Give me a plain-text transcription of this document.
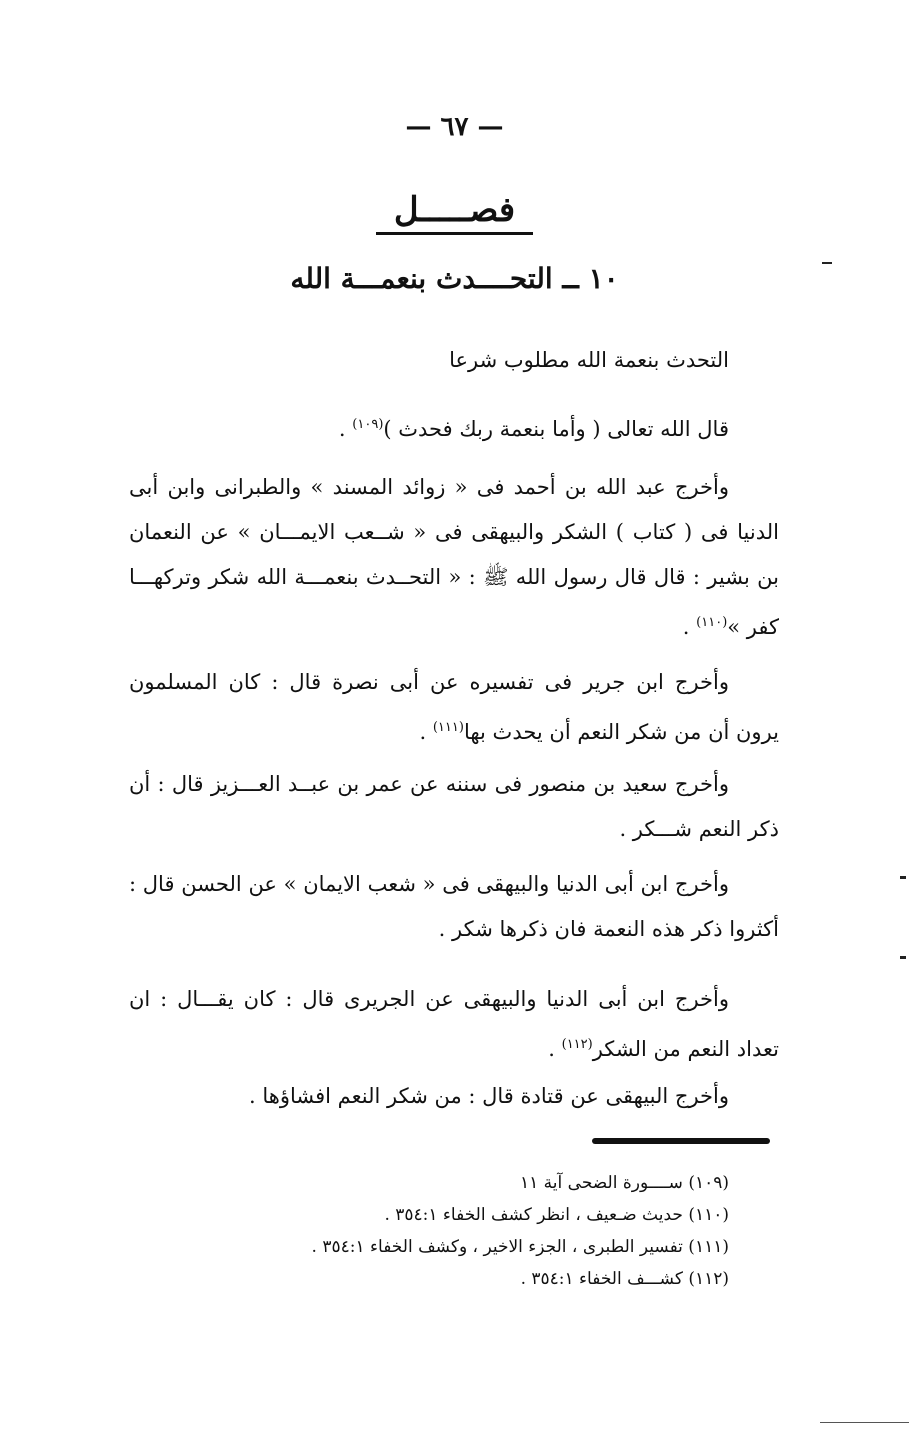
— ٦٧ —
فصـــــل
١٠ ــ التحــــدث بنعمـــة الله
التحدث بنعمة الله مطلوب شرعا
قال الله تعالى ( وأما بنعمة ربك فحدث )$^{(١٠٩)}$ .
وأخرج عبد الله بن أحمد فى « زوائد المسند » والطبرانى وابن أبى الدنيا فى ( كتاب ) الشكر والبيهقى فى « شــعب الايمـــان » عن النعمان بن بشير : قال قال رسول الله ﷺ : « التحــدث بنعمـــة الله شكر وتركهـــا كفر »$^{(١١٠)}$ .
وأخرج ابن جرير فى تفسيره عن أبى نصرة قال : كان المسلمون يرون أن من شكر النعم أن يحدث بها$^{(١١١)}$ .
وأخرج سعيد بن منصور فى سننه عن عمر بن عبــد العـــزيز قال : أن ذكر النعم شـــكر .
وأخرج ابن أبى الدنيا والبيهقى فى « شعب الايمان » عن الحسن قال : أكثروا ذكر هذه النعمة فان ذكرها شكر .
وأخرج ابن أبى الدنيا والبيهقى عن الجريرى قال : كان يقـــال : ان تعداد النعم من الشكر$^{(١١٢)}$ .
وأخرج البيهقى عن قتادة قال : من شكر النعم افشاؤها .
(١٠٩) ســــورة الضحى آية ١١
(١١٠) حديث ضـعيف ، انظر كشف الخفاء ٣٥٤:١ .
(١١١) تفسير الطبرى ، الجزء الاخير ، وكشف الخفاء ٣٥٤:١ .
(١١٢) كشـــف الخفاء ٣٥٤:١ .
